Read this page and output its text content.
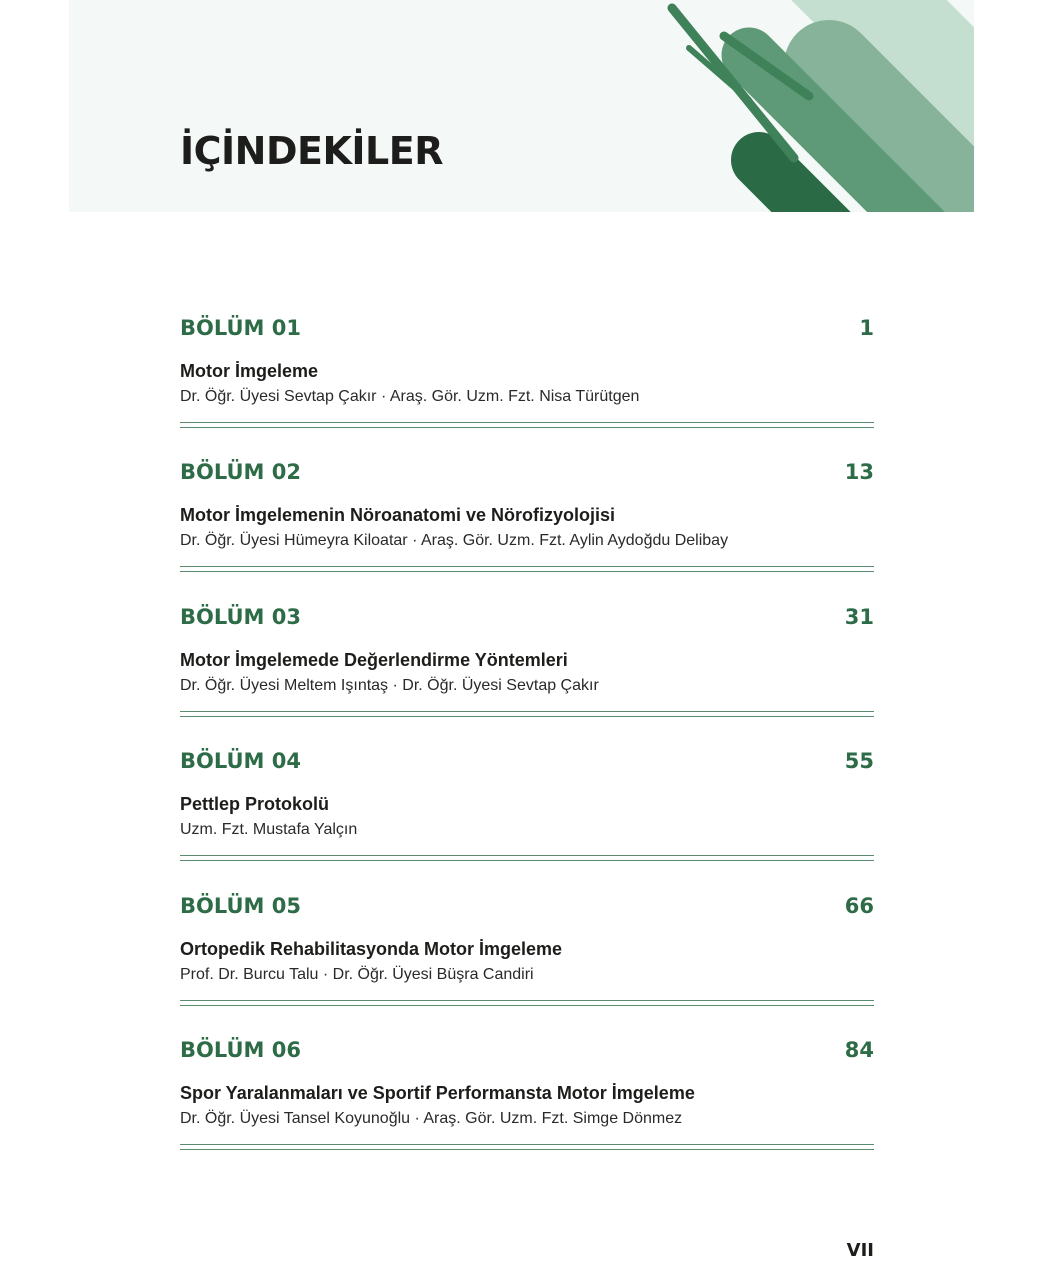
İÇİNDEKİLER
BÖLÜM 01	1
Motor İmgeleme
Dr. Öğr. Üyesi Sevtap Çakır · Araş. Gör. Uzm. Fzt. Nisa Türütgen
BÖLÜM 02	13
Motor İmgelemenin Nöroanatomi ve Nörofizyolojisi
Dr. Öğr. Üyesi Hümeyra Kiloatar · Araş. Gör. Uzm. Fzt. Aylin Aydoğdu Delibay
BÖLÜM 03	31
Motor İmgelemede Değerlendirme Yöntemleri
Dr. Öğr. Üyesi Meltem Işıntaş · Dr. Öğr. Üyesi Sevtap Çakır
BÖLÜM 04	55
Pettlep Protokolü
Uzm. Fzt. Mustafa Yalçın
BÖLÜM 05	66
Ortopedik Rehabilitasyonda Motor İmgeleme
Prof. Dr. Burcu Talu · Dr. Öğr. Üyesi Büşra Candiri
BÖLÜM 06	84
Spor Yaralanmaları ve Sportif Performansta Motor İmgeleme
Dr. Öğr. Üyesi Tansel Koyunoğlu · Araş. Gör. Uzm. Fzt. Simge Dönmez
VII
